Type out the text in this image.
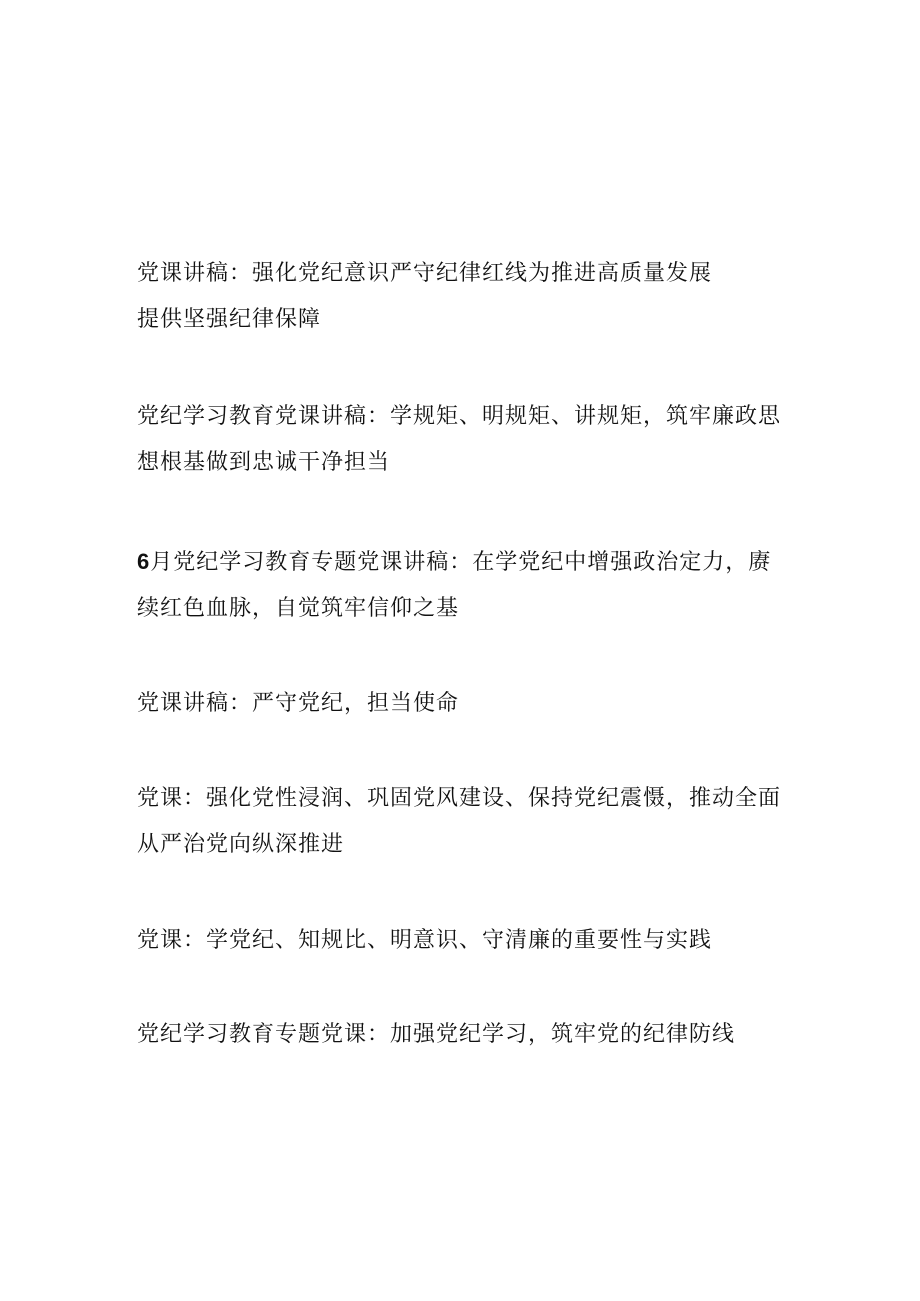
党课讲稿：强化党纪意识严守纪律红线为推进高质量发展
提供坚强纪律保障

党纪学习教育党课讲稿：学规矩、明规矩、讲规矩，筑牢廉政思
想根基做到忠诚干净担当

6月党纪学习教育专题党课讲稿：在学党纪中增强政治定力，赓
续红色血脉，自觉筑牢信仰之基

党课讲稿：严守党纪，担当使命

党课：强化党性浸润、巩固党风建设、保持党纪震慑，推动全面
从严治党向纵深推进

党课：学党纪、知规比、明意识、守清廉的重要性与实践

党纪学习教育专题党课：加强党纪学习，筑牢党的纪律防线
